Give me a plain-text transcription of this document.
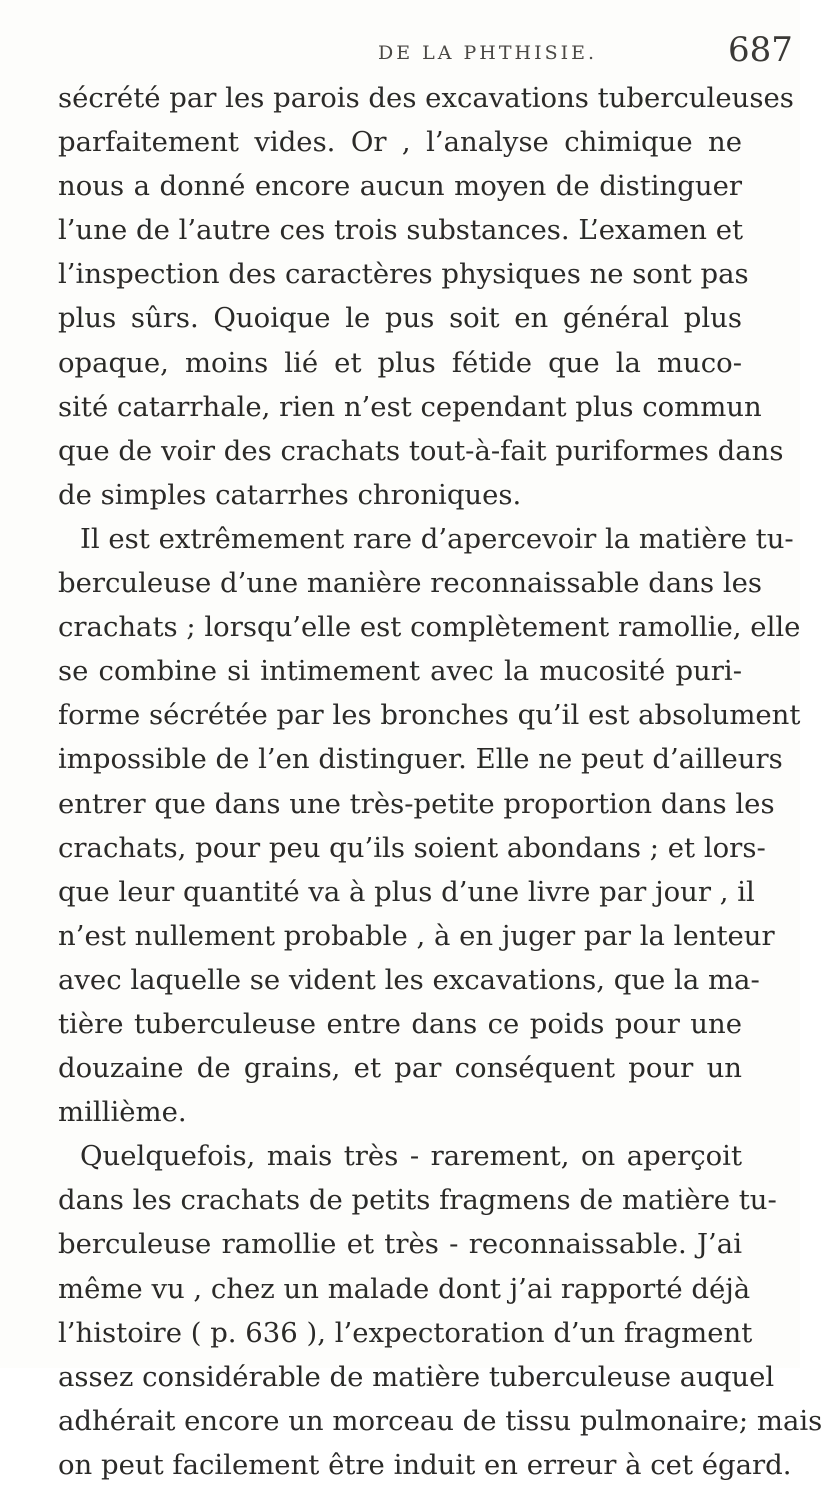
DE LA PHTHISIE.	687
sécrété par les parois des excavations tuberculeuses
parfaitement vides. Or , l’analyse chimique ne
nous a donné encore aucun moyen de distinguer
l’une de l’autre ces trois substances. L’examen et
l’inspection des caractères physiques ne sont pas
plus sûrs. Quoique le pus soit en général plus
opaque, moins lié et plus fétide que la muco-
sité catarrhale, rien n’est cependant plus commun
que de voir des crachats tout-à-fait puriformes dans
de simples catarrhes chroniques.
Il est extrêmement rare d’apercevoir la matière tu-
berculeuse d’une manière reconnaissable dans les
crachats ; lorsqu’elle est complètement ramollie, elle
se combine si intimement avec la mucosité puri-
forme sécrétée par les bronches qu’il est absolument
impossible de l’en distinguer. Elle ne peut d’ailleurs
entrer que dans une très-petite proportion dans les
crachats, pour peu qu’ils soient abondans ; et lors-
que leur quantité va à plus d’une livre par jour , il
n’est nullement probable , à en juger par la lenteur
avec laquelle se vident les excavations, que la ma-
tière tuberculeuse entre dans ce poids pour une
douzaine de grains, et par conséquent pour un
millième.
Quelquefois, mais très - rarement, on aperçoit
dans les crachats de petits fragmens de matière tu-
berculeuse ramollie et très - reconnaissable. J’ai
même vu , chez un malade dont j’ai rapporté déjà
l’histoire ( p. 636 ), l’expectoration d’un fragment
assez considérable de matière tuberculeuse auquel
adhérait encore un morceau de tissu pulmonaire; mais
on peut facilement être induit en erreur à cet égard.
